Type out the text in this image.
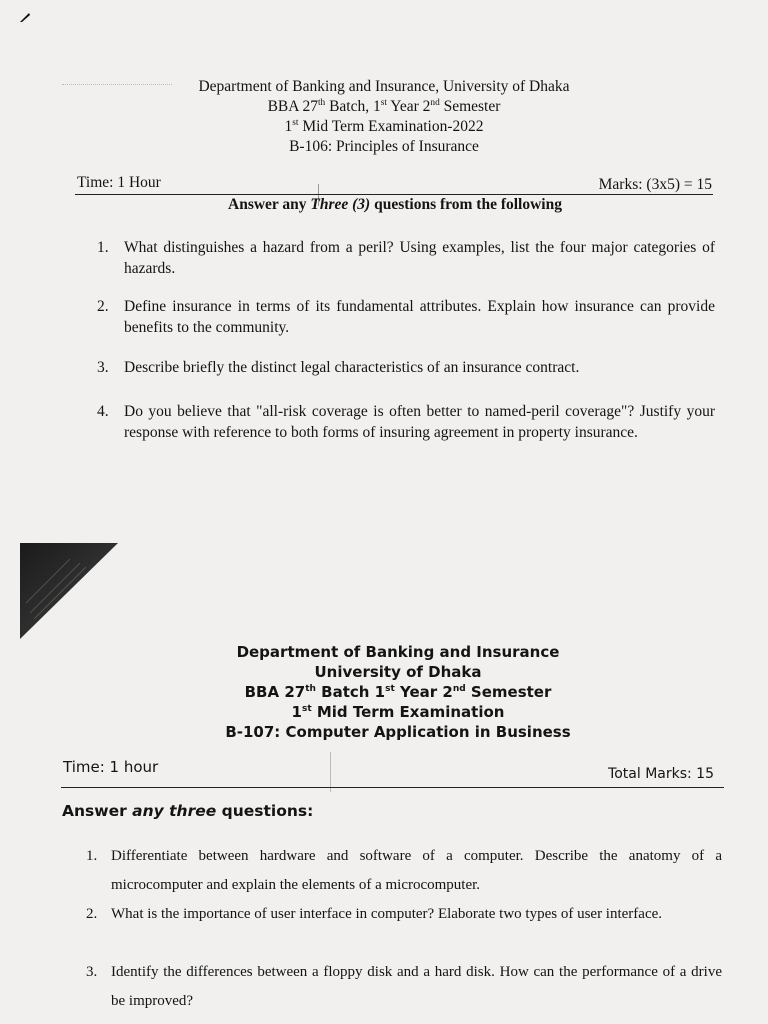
Department of Banking and Insurance, University of Dhaka
BBA 27th Batch, 1st Year 2nd Semester
1st Mid Term Examination-2022
B-106: Principles of Insurance
Time: 1 Hour	Marks: (3x5) = 15
Answer any Three (3) questions from the following
1. What distinguishes a hazard from a peril? Using examples, list the four major categories of hazards.
2. Define insurance in terms of its fundamental attributes. Explain how insurance can provide benefits to the community.
3. Describe briefly the distinct legal characteristics of an insurance contract.
4. Do you believe that "all-risk coverage is often better to named-peril coverage"? Justify your response with reference to both forms of insuring agreement in property insurance.
Department of Banking and Insurance
University of Dhaka
BBA 27th Batch 1st Year 2nd Semester
1st Mid Term Examination
B-107: Computer Application in Business
Time: 1 hour	Total Marks: 15
Answer any three questions:
1. Differentiate between hardware and software of a computer. Describe the anatomy of a microcomputer and explain the elements of a microcomputer.
2. What is the importance of user interface in computer? Elaborate two types of user interface.
3. Identify the differences between a floppy disk and a hard disk. How can the performance of a drive be improved?
